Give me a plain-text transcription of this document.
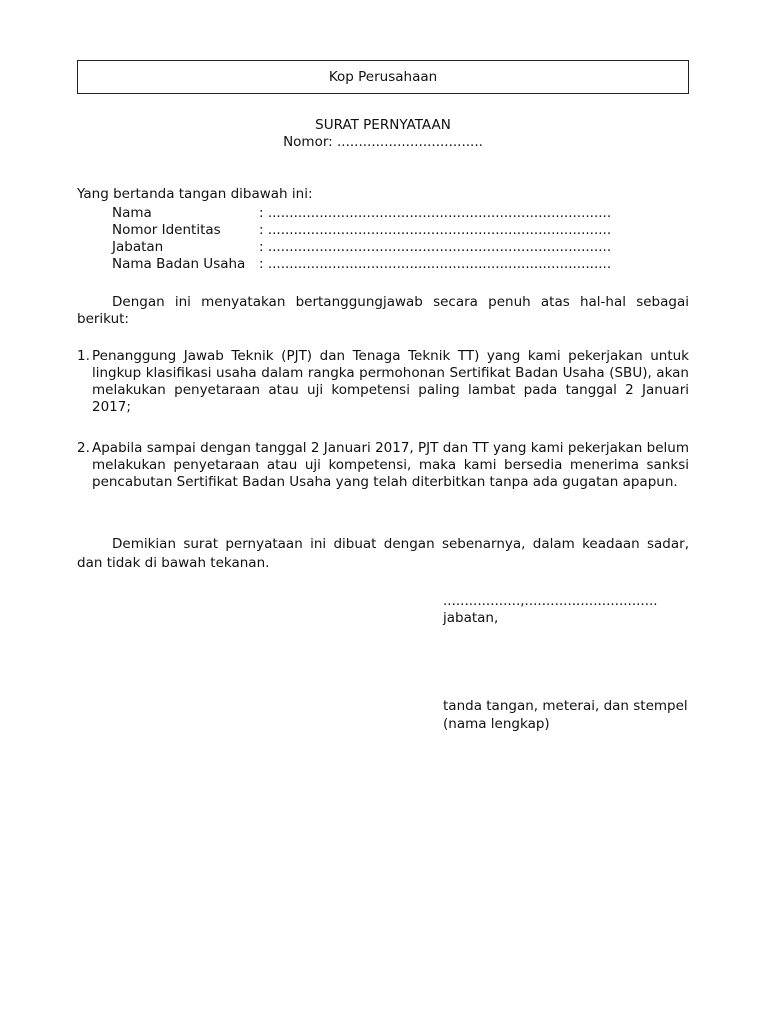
Kop Perusahaan
SURAT PERNYATAAN
Nomor: ..................................
Yang bertanda tangan dibawah ini:
Nama	: ................................................................................
Nomor Identitas	: ................................................................................
Jabatan	: ................................................................................
Nama Badan Usaha	: ................................................................................
Dengan ini menyatakan bertanggungjawab secara penuh atas hal-hal sebagai berikut:
1. Penanggung Jawab Teknik (PJT) dan Tenaga Teknik TT) yang kami pekerjakan untuk lingkup klasifikasi usaha dalam rangka permohonan Sertifikat Badan Usaha (SBU), akan melakukan penyetaraan atau uji kompetensi paling lambat pada tanggal 2 Januari 2017;
2. Apabila sampai dengan tanggal 2 Januari 2017, PJT dan TT yang kami pekerjakan belum melakukan penyetaraan atau uji kompetensi, maka kami bersedia menerima sanksi pencabutan Sertifikat Badan Usaha yang telah diterbitkan tanpa ada gugatan apapun.
Demikian surat pernyataan ini dibuat dengan sebenarnya, dalam keadaan sadar, dan tidak di bawah tekanan.
..................,...............................
jabatan,
tanda tangan, meterai, dan stempel
(nama lengkap)
